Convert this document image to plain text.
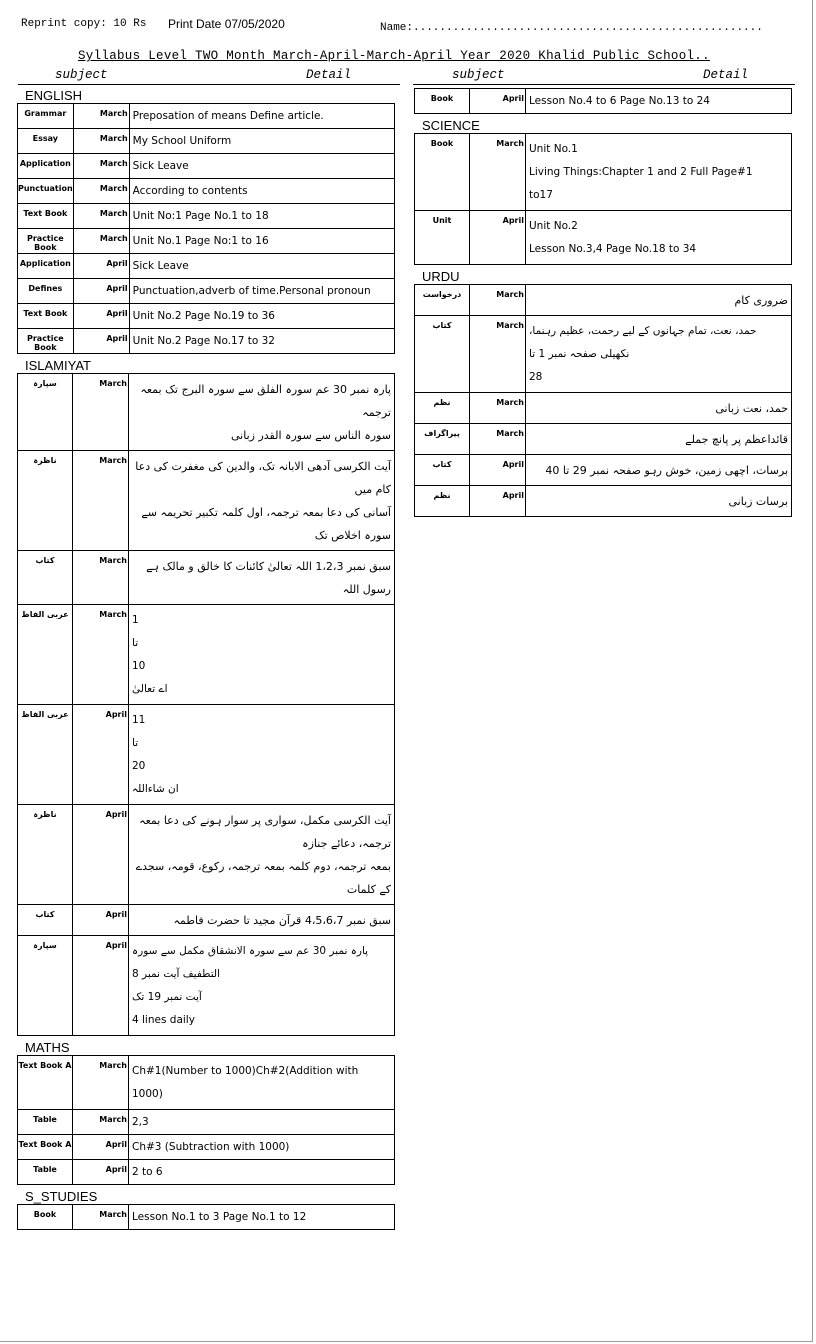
Reprint copy: 10 Rs Print Date 07/05/2020	Name:.....................................................
Syllabus Level TWO Month March-April-March-April Year 2020 Khalid Public School..
subject	Detail	subject	Detail
ENGLISH
Grammar	March	Preposation of means Define article.

Essay	March	My School Uniform

Application	March	Sick Leave

Punctuation	March	According to contents

Text Book	March	Unit No:1 Page No.1 to 18

Practice Book	March	Unit No.1 Page No:1 to 16

Application	April	Sick Leave

Defines	April	Punctuation,adverb of time.Personal pronoun

Text Book	April	Unit No.2 Page No.19 to 36

Practice Book	April	Unit No.2 Page No.17 to 32
ISLAMIYAT
سپارہ	March	پارہ نمبر 30 عم سورہ الفلق سے سورہ البرج تک بمعہ ترجمہ
سورہ الناس سے سورہ القدر زبانی

ناظرہ	March	آیت الکرسی آدھی الابانہ تک، والدین کی مغفرت کی دعا کام میں
آسانی کی دعا بمعہ ترجمہ، اول کلمہ تکبیر تحریمہ سے سورہ اخلاص تک

کتاب	March	سبق نمبر 1،2،3 اللہ تعالیٰ کائنات کا خالق و مالک ہے رسول اللہ

عربی الفاظ	March	1
تا
10
اے تعالیٰ

عربی الفاظ	April	11
تا
20
ان شاءاللہ

ناظرہ	April	آیت الکرسی مکمل، سواری پر سوار ہونے کی دعا بمعہ ترجمہ، دعائے جنازہ
بمعہ ترجمہ، دوم کلمہ بمعہ ترجمہ، رکوع، قومہ، سجدے کے کلمات

کتاب	April	سبق نمبر 4،5،6،7 قرآن مجید تا حضرت فاطمہ

سپارہ	April	پارہ نمبر 30 عم سے سورہ الانشقاق مکمل سے سورہ التطفیف آیت نمبر 8
آیت نمبر 19 تک
4 lines daily
MATHS
Text Book A	March	Ch#1(Number to 1000)Ch#2(Addition with
1000)

Table	March	2,3

Text Book A	April	Ch#3 (Subtraction with 1000)

Table	April	2 to 6
S_STUDIES
Book	March	Lesson No.1 to 3 Page No.1 to 12
Book	April	Lesson No.4 to 6 Page No.13 to 24
SCIENCE
Book	March	Unit No.1
Living Things:Chapter 1 and 2 Full Page#1
to17

Unit	April	Unit No.2
Lesson No.3,4 Page No.18 to 34
URDU
درخواست	March	ضروری کام

کتاب	March	حمد، نعت، تمام جہانوں کے لیے رحمت، عظیم رہنما، نکھیلی صفحہ نمبر 1 تا
28

نظم	March	حمد، نعت زبانی

پیراگراف	March	قائداعظم پر پانچ جملے

کتاب	April	برسات، اچھی زمین، خوش رہو صفحہ نمبر 29 تا 40

نظم	April	برسات زبانی
